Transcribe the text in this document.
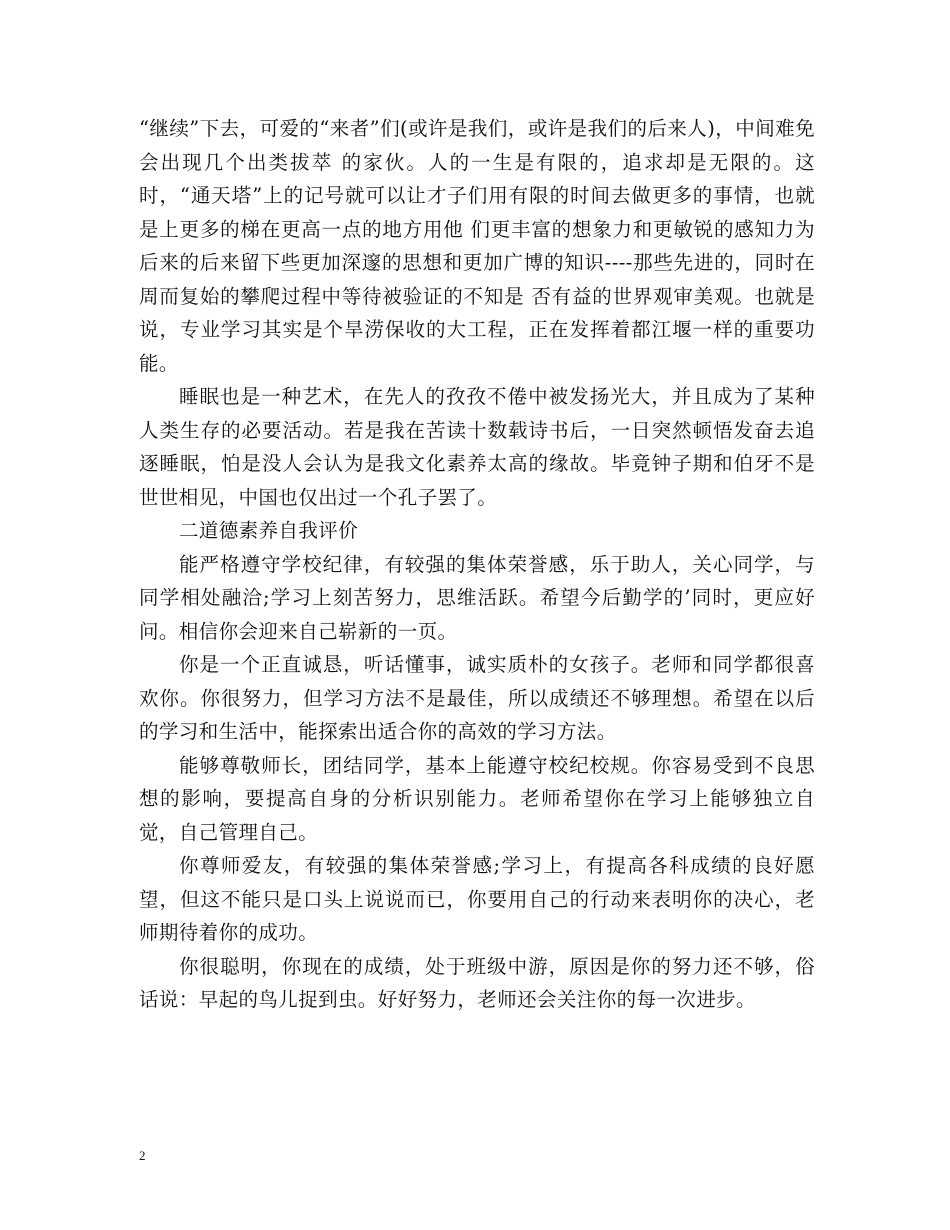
“继续”下去，可爱的“来者”们(或许是我们，或许是我们的后来人)，中间难免会出现几个出类拔萃 的家伙。人的一生是有限的，追求却是无限的。这时，“通天塔”上的记号就可以让才子们用有限的时间去做更多的事情，也就是上更多的梯在更高一点的地方用他 们更丰富的想象力和更敏锐的感知力为后来的后来留下些更加深邃的思想和更加广博的知识----那些先进的，同时在周而复始的攀爬过程中等待被验证的不知是 否有益的世界观审美观。也就是说，专业学习其实是个旱涝保收的大工程，正在发挥着都江堰一样的重要功能。

睡眠也是一种艺术，在先人的孜孜不倦中被发扬光大，并且成为了某种人类生存的必要活动。若是我在苦读十数载诗书后，一日突然顿悟发奋去追逐睡眠，怕是没人会认为是我文化素养太高的缘故。毕竟钟子期和伯牙不是世世相见，中国也仅出过一个孔子罢了。

二道德素养自我评价

能严格遵守学校纪律，有较强的集体荣誉感，乐于助人，关心同学，与同学相处融洽;学习上刻苦努力，思维活跃。希望今后勤学的’同时，更应好问。相信你会迎来自己崭新的一页。

你是一个正直诚恳，听话懂事，诚实质朴的女孩子。老师和同学都很喜欢你。你很努力，但学习方法不是最佳，所以成绩还不够理想。希望在以后的学习和生活中，能探索出适合你的高效的学习方法。

能够尊敬师长，团结同学，基本上能遵守校纪校规。你容易受到不良思想的影响，要提高自身的分析识别能力。老师希望你在学习上能够独立自觉，自己管理自己。

你尊师爱友，有较强的集体荣誉感;学习上，有提高各科成绩的良好愿望，但这不能只是口头上说说而已，你要用自己的行动来表明你的决心，老师期待着你的成功。

你很聪明，你现在的成绩，处于班级中游，原因是你的努力还不够，俗话说：早起的鸟儿捉到虫。好好努力，老师还会关注你的每一次进步。

2
